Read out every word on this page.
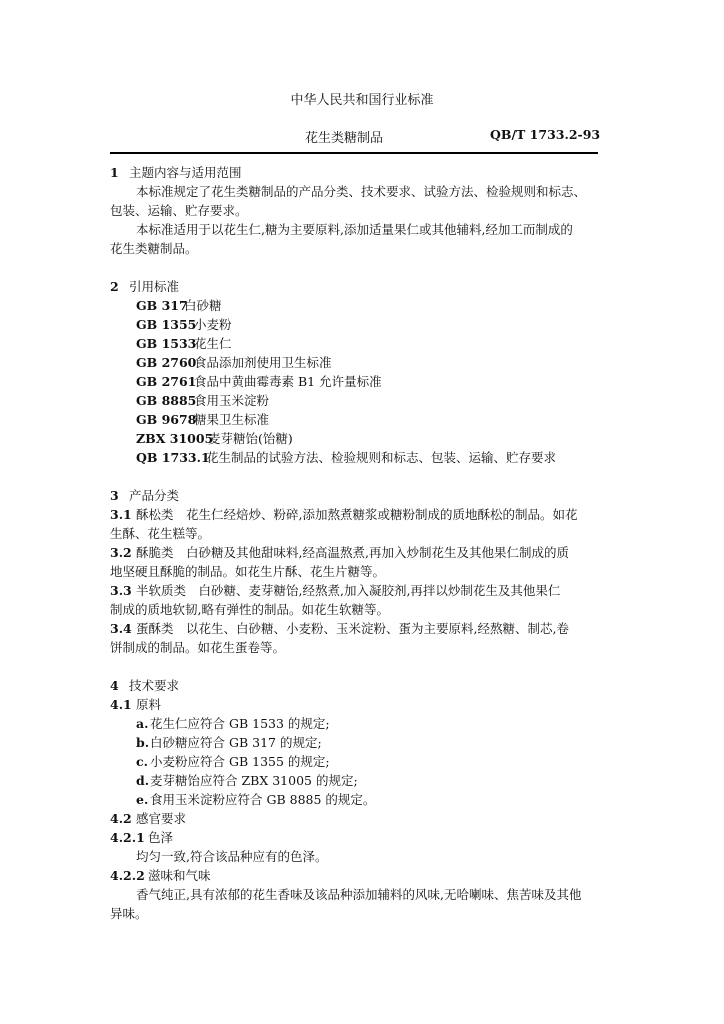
中华人民共和国行业标准
花生类糖制品	QB/T 1733.2-93
1 主题内容与适用范围
本标准规定了花生类糖制品的产品分类、技术要求、试验方法、检验规则和标志、
包装、运输、贮存要求。
本标准适用于以花生仁,糖为主要原料,添加适量果仁或其他辅料,经加工而制成的
花生类糖制品。
2 引用标准
GB 317白砂糖
GB 1355小麦粉
GB 1533花生仁
GB 2760食品添加剂使用卫生标准
GB 2761食品中黄曲霉毒素 B1 允许量标准
GB 8885食用玉米淀粉
GB 9678糖果卫生标准
ZBX 31005麦芽糖饴(饴糖)
QB 1733.1花生制品的试验方法、检验规则和标志、包装、运输、贮存要求
3 产品分类
3.1 酥松类　花生仁经焙炒、粉碎,添加熬煮糖浆或糖粉制成的质地酥松的制品。如花
生酥、花生糕等。
3.2 酥脆类　白砂糖及其他甜味料,经高温熬煮,再加入炒制花生及其他果仁制成的质
地坚硬且酥脆的制品。如花生片酥、花生片糖等。
3.3 半软质类　白砂糖、麦芽糖饴,经熬煮,加入凝胶剂,再拌以炒制花生及其他果仁
制成的质地软韧,略有弹性的制品。如花生软糖等。
3.4 蛋酥类　以花生、白砂糖、小麦粉、玉米淀粉、蛋为主要原料,经熬糖、制芯,卷
饼制成的制品。如花生蛋卷等。
4 技术要求
4.1 原料
a. 花生仁应符合 GB 1533 的规定;
b.白砂糖应符合 GB 317 的规定;
c. 小麦粉应符合 GB 1355 的规定;
d.麦芽糖饴应符合 ZBX 31005 的规定;
e. 食用玉米淀粉应符合 GB 8885 的规定。
4.2 感官要求
4.2.1 色泽
均匀一致,符合该品种应有的色泽。
4.2.2 滋味和气味
香气纯正,具有浓郁的花生香味及该品种添加辅料的风味,无哈喇味、焦苦味及其他
异味。
